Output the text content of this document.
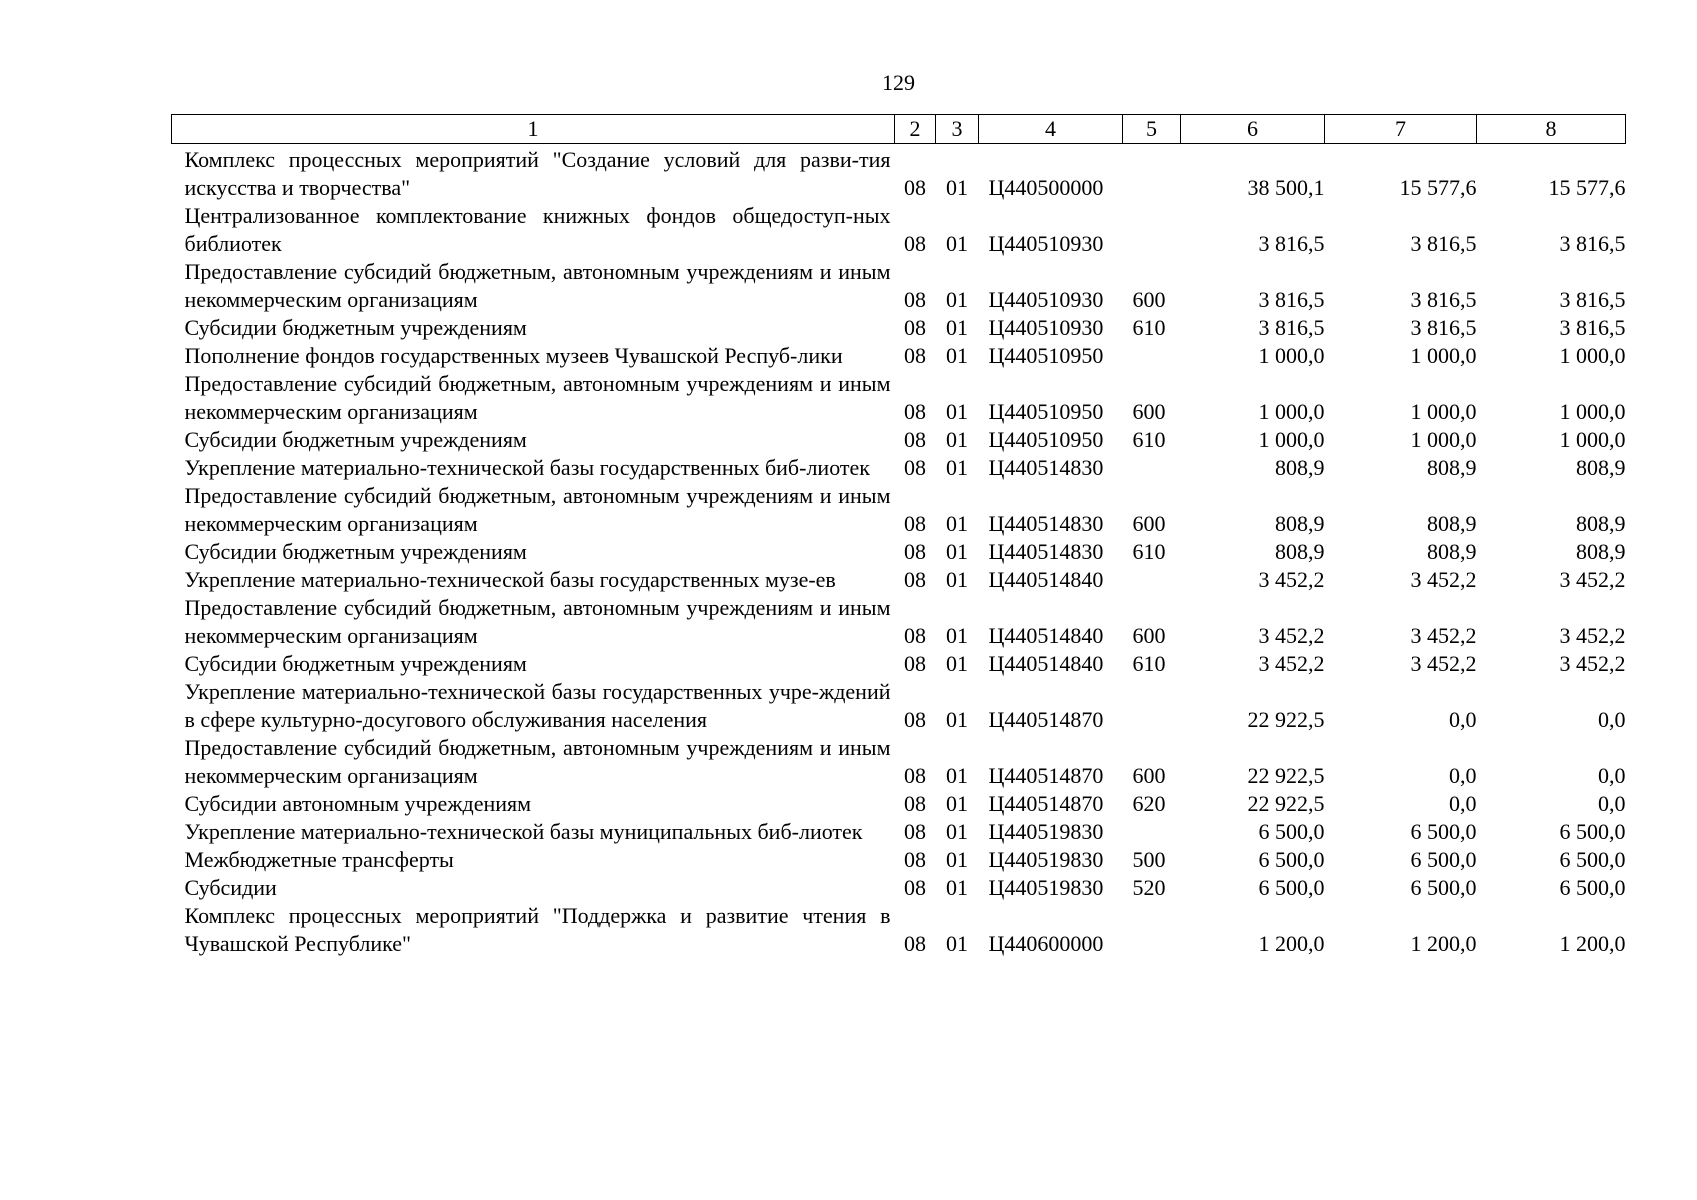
129
1	2	3	4	5	6	7	8
Комплекс процессных мероприятий "Создание условий для разви-тия искусства и творчества"	08	01	Ц440500000		38 500,1	15 577,6	15 577,6
Централизованное комплектование книжных фондов общедоступ-ных библиотек	08	01	Ц440510930		3 816,5	3 816,5	3 816,5
Предоставление субсидий бюджетным, автономным учреждениям и иным некоммерческим организациям	08	01	Ц440510930	600	3 816,5	3 816,5	3 816,5
Субсидии бюджетным учреждениям	08	01	Ц440510930	610	3 816,5	3 816,5	3 816,5
Пополнение фондов государственных музеев Чувашской Респуб-лики	08	01	Ц440510950		1 000,0	1 000,0	1 000,0
Предоставление субсидий бюджетным, автономным учреждениям и иным некоммерческим организациям	08	01	Ц440510950	600	1 000,0	1 000,0	1 000,0
Субсидии бюджетным учреждениям	08	01	Ц440510950	610	1 000,0	1 000,0	1 000,0
Укрепление материально-технической базы государственных биб-лиотек	08	01	Ц440514830		808,9	808,9	808,9
Предоставление субсидий бюджетным, автономным учреждениям и иным некоммерческим организациям	08	01	Ц440514830	600	808,9	808,9	808,9
Субсидии бюджетным учреждениям	08	01	Ц440514830	610	808,9	808,9	808,9
Укрепление материально-технической базы государственных музе-ев	08	01	Ц440514840		3 452,2	3 452,2	3 452,2
Предоставление субсидий бюджетным, автономным учреждениям и иным некоммерческим организациям	08	01	Ц440514840	600	3 452,2	3 452,2	3 452,2
Субсидии бюджетным учреждениям	08	01	Ц440514840	610	3 452,2	3 452,2	3 452,2
Укрепление материально-технической базы государственных учре-ждений в сфере культурно-досугового обслуживания населения	08	01	Ц440514870		22 922,5	0,0	0,0
Предоставление субсидий бюджетным, автономным учреждениям и иным некоммерческим организациям	08	01	Ц440514870	600	22 922,5	0,0	0,0
Субсидии автономным учреждениям	08	01	Ц440514870	620	22 922,5	0,0	0,0
Укрепление материально-технической базы муниципальных биб-лиотек	08	01	Ц440519830		6 500,0	6 500,0	6 500,0
Межбюджетные трансферты	08	01	Ц440519830	500	6 500,0	6 500,0	6 500,0
Субсидии	08	01	Ц440519830	520	6 500,0	6 500,0	6 500,0
Комплекс процессных мероприятий "Поддержка и развитие чтения в Чувашской Республике"	08	01	Ц440600000		1 200,0	1 200,0	1 200,0
